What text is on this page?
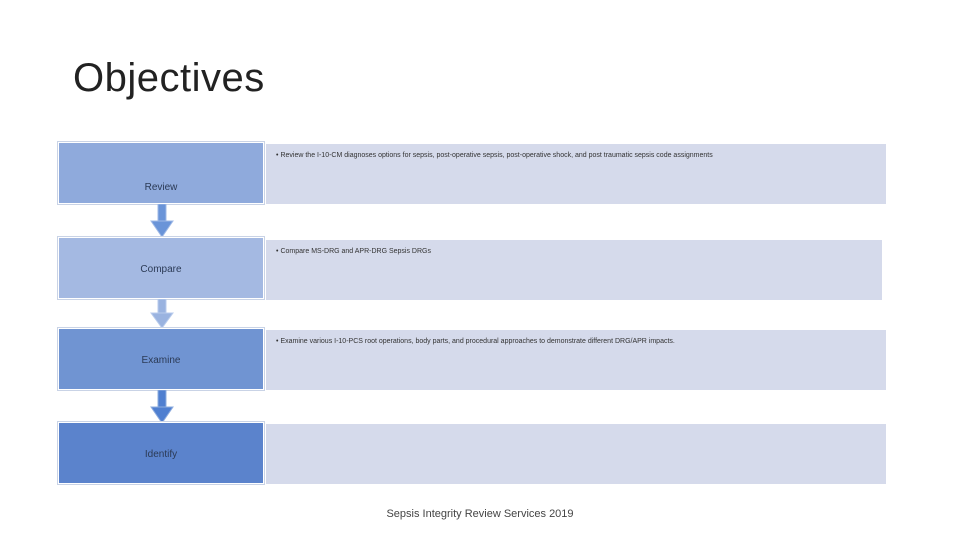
Objectives
Review
• Review the I-10-CM diagnoses options for sepsis, post-operative sepsis, post-operative shock, and post traumatic sepsis code assignments
Compare
• Compare MS-DRG and APR-DRG Sepsis DRGs
Examine
• Examine various I-10-PCS root operations, body parts, and procedural approaches to demonstrate different DRG/APR impacts.
Identify
Sepsis Integrity Review Services 2019
